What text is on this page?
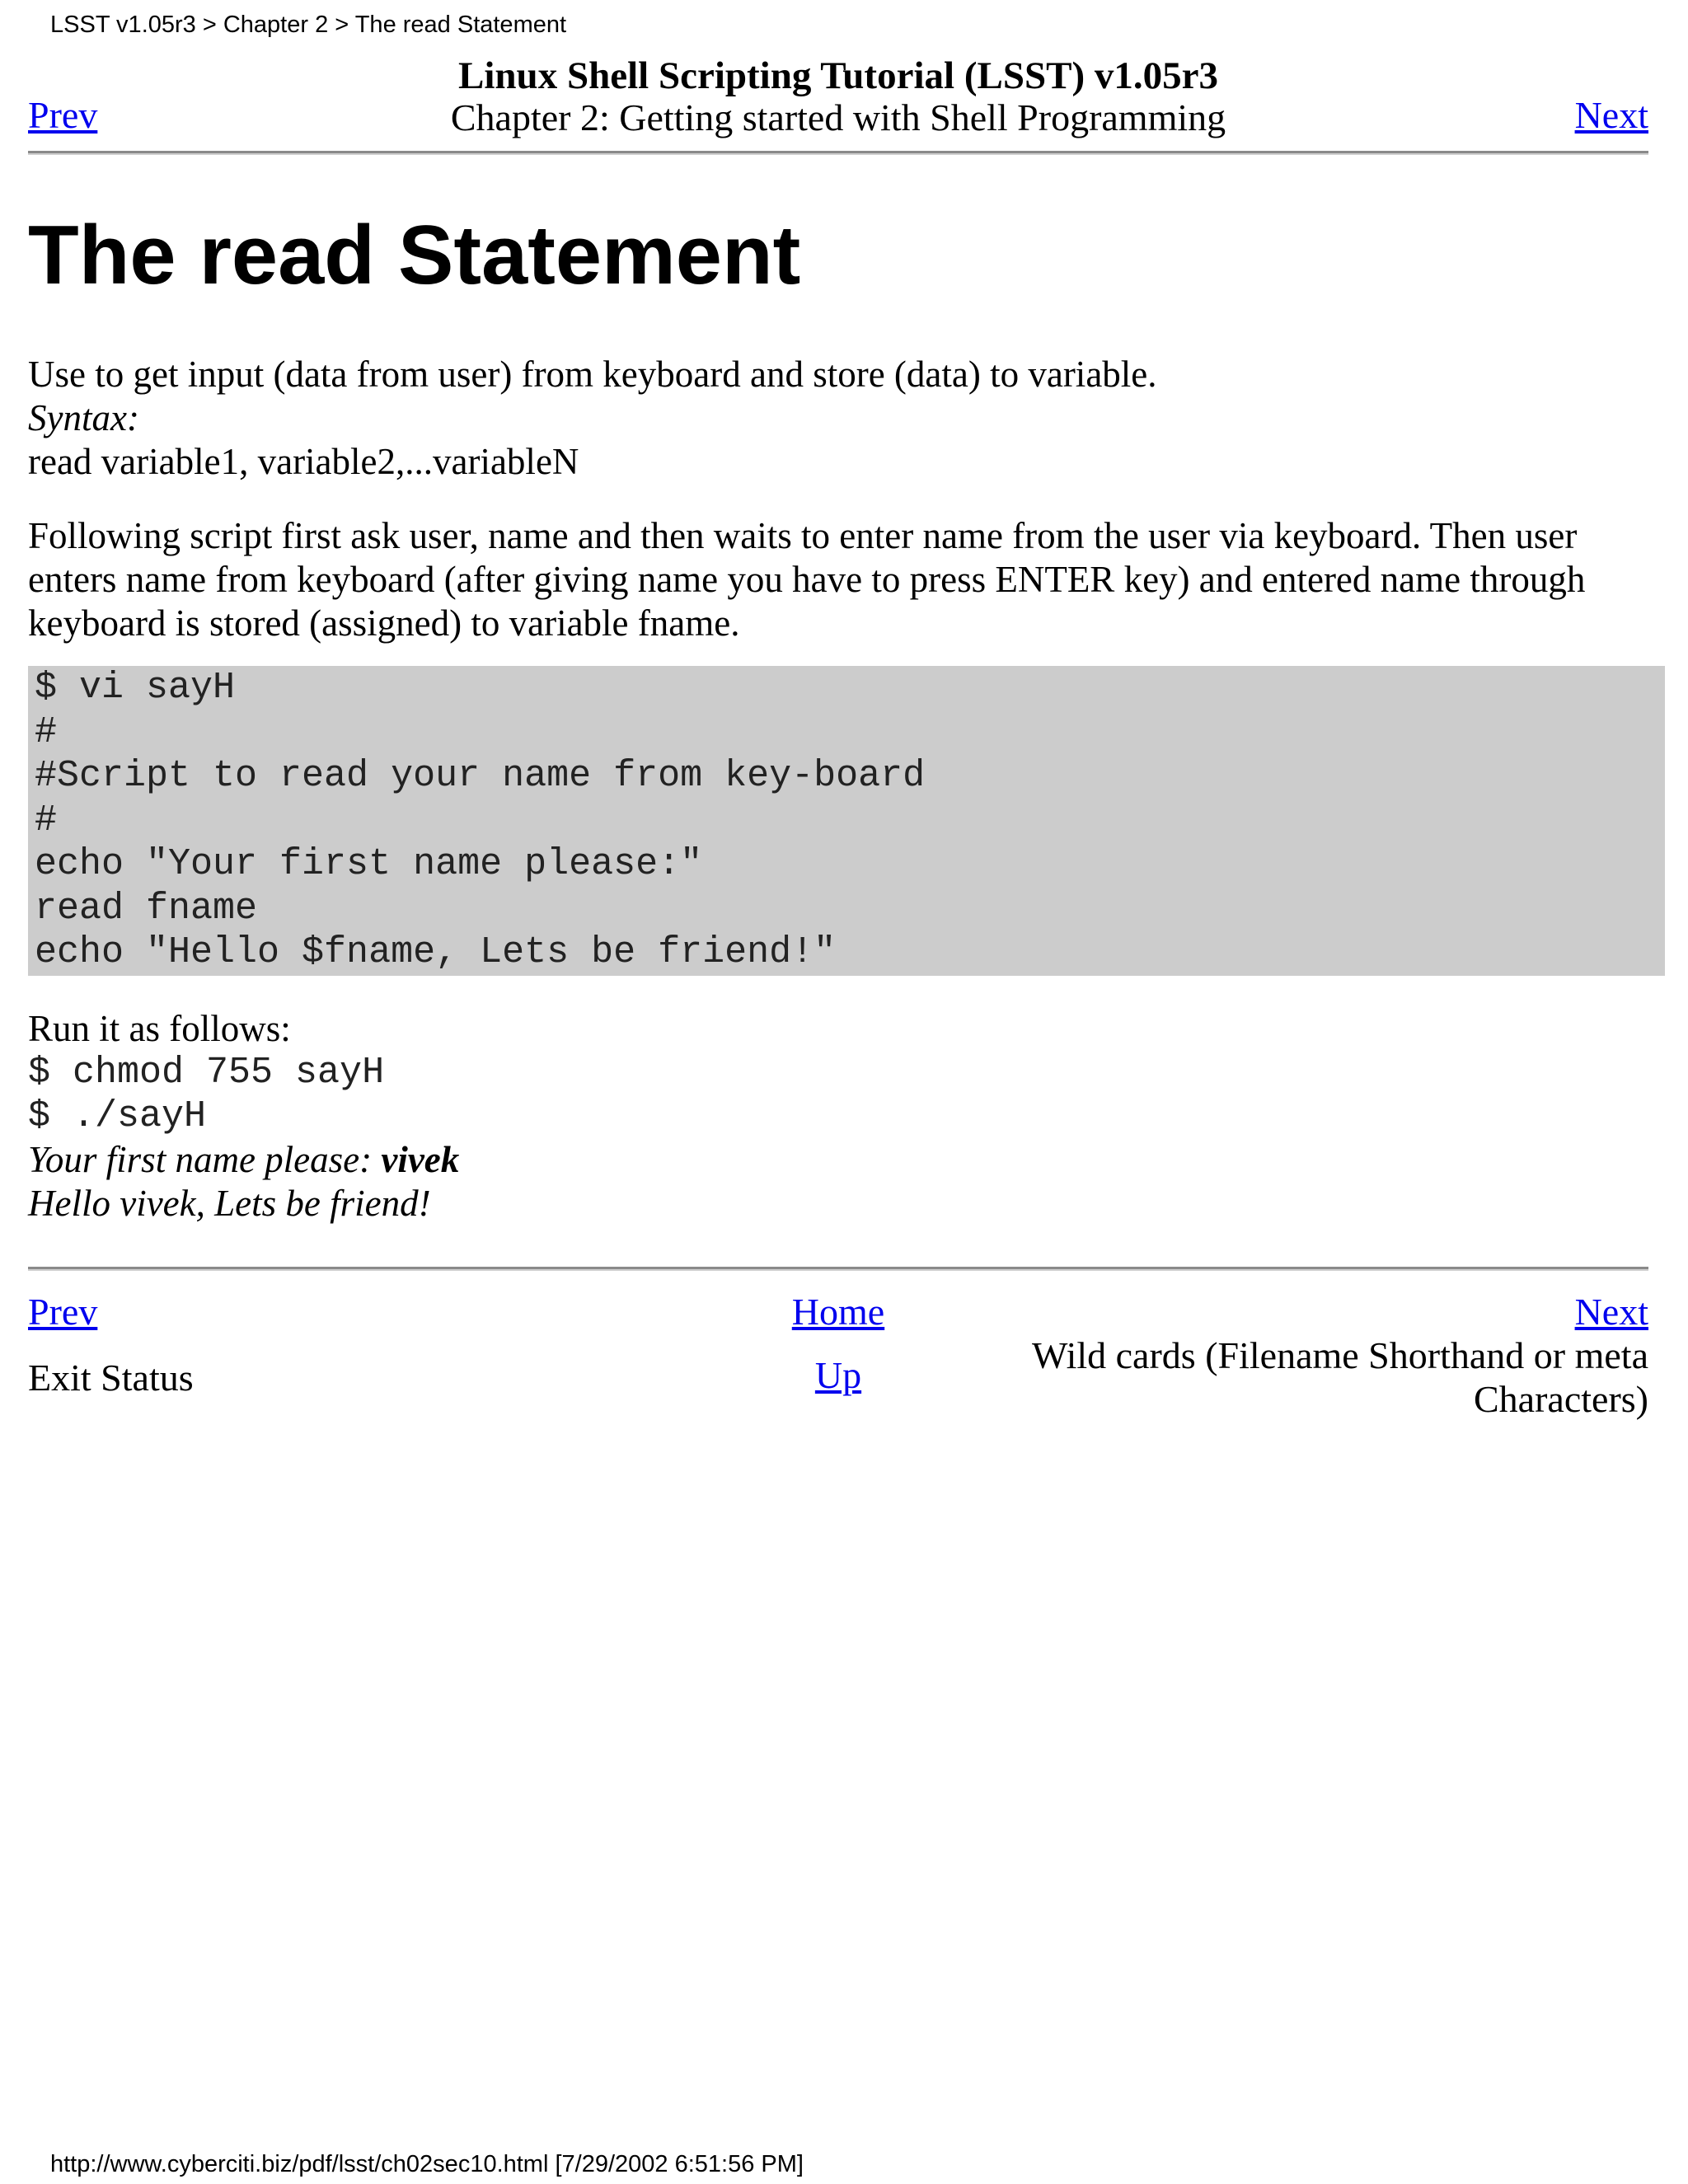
LSST v1.05r3 > Chapter 2 > The read Statement
Prev
Linux Shell Scripting Tutorial (LSST) v1.05r3
Chapter 2: Getting started with Shell Programming	Next
The read Statement
Use to get input (data from user) from keyboard and store (data) to variable.
Syntax:
read variable1, variable2,...variableN
Following script first ask user, name and then waits to enter name from the user via keyboard. Then user enters name from keyboard (after giving name you have to press ENTER key) and entered name through keyboard is stored (assigned) to variable fname.
$ vi sayH
#
#Script to read your name from key-board
#
echo "Your first name please:"
read fname
echo "Hello $fname, Lets be friend!"
Run it as follows:
$ chmod 755 sayH
$ ./sayH
Your first name please: vivek
Hello vivek, Lets be friend!
Prev	Home	Next
Exit Status	Up	Wild cards (Filename Shorthand or meta Characters)
http://www.cyberciti.biz/pdf/lsst/ch02sec10.html [7/29/2002 6:51:56 PM]
